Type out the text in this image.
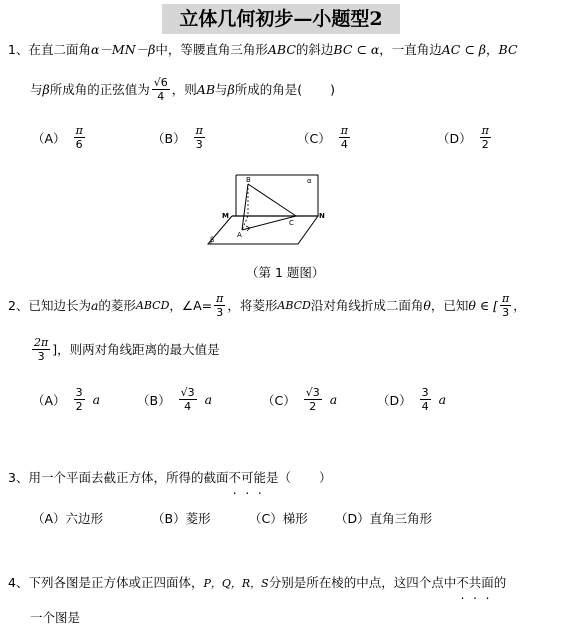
立体几何初步—小题型2
1、在直二面角α－MN－β中，等腰直角三角形ABC的斜边BC ⊂ α，一直角边AC ⊂ β，BC
与 β 所成角的正弦值为 $\frac{√6}{4}$ ，则 AB 与 β 所成的角是( )
$(A) \frac{\pi}{6}$	$(B) \frac{\pi}{3}$	$(C) \frac{\pi}{4}$	$(D) \frac{\pi}{2}$
B
A
C
M	N
α
β
（第 1 题图）
2、已知边长为 a 的菱形 ABCD ，∠A= $\frac{\pi}{3}$ ，将菱形 ABCD 沿对角线折成二面角 θ ，已知 θ ∈ [ $\frac{\pi}{3}$ ，
$\frac{2\pi}{3}$ ]，则两对角线距离的最大值是
$(A) \frac{3}{2}$ a	$(B) \frac{√3}{4}$ a	$(C) \frac{√3}{2}$ a	$(D) \frac{3}{4}$ a
3、用一个平面去截正方体，所得的截面不可能是（ ）
（A）六边形	（B）菱形	（C）梯形 （D）直角三角形
4、下列各图是正方体或正四面体，P，Q，R，S分别是所在棱的中点，这四个点中不共面的
一个图是
